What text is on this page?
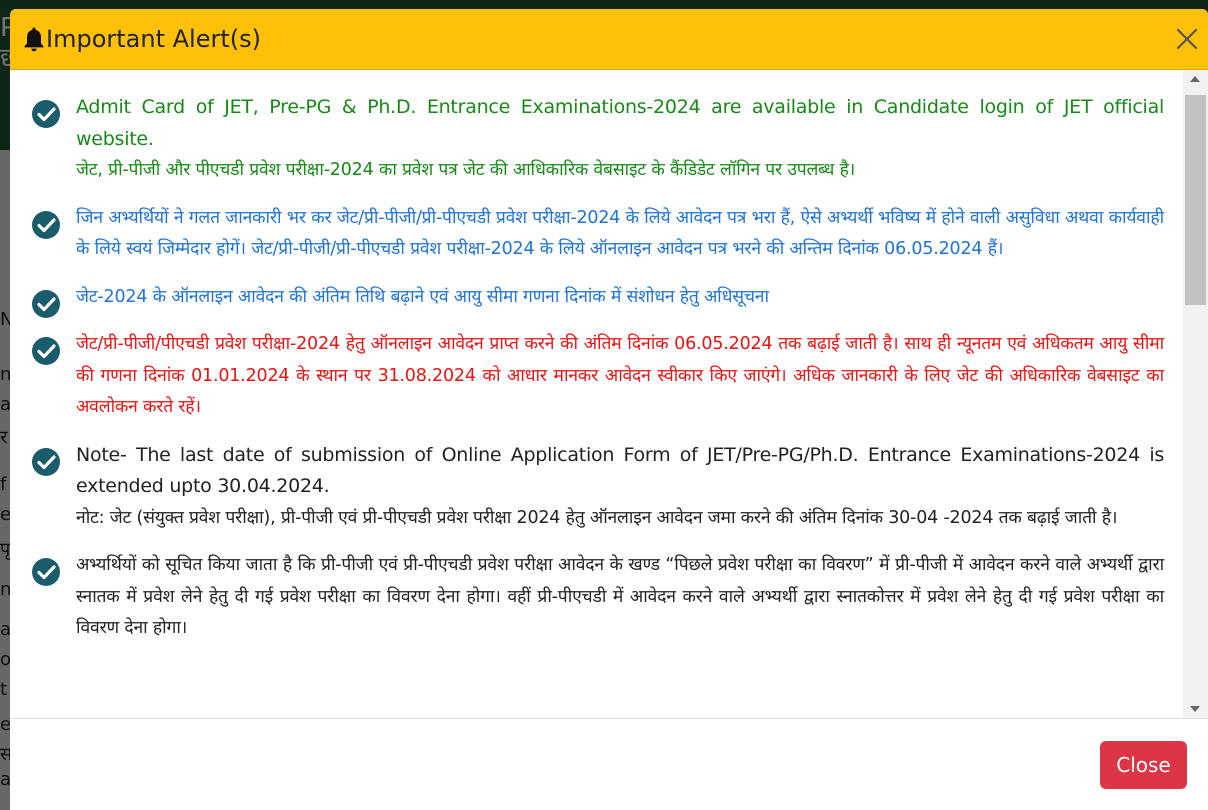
Important Alert(s)
Admit Card of JET, Pre-PG & Ph.D. Entrance Examinations-2024 are available in Candidate login of JET official website.
जेट, प्री-पीजी और पीएचडी प्रवेश परीक्षा-2024 का प्रवेश पत्र जेट की आधिकारिक वेबसाइट के कैंडिडेट लॉगिन पर उपलब्ध है।
जिन अभ्यर्थियों ने गलत जानकारी भर कर जेट/प्री-पीजी/प्री-पीएचडी प्रवेश परीक्षा-2024 के लिये आवेदन पत्र भरा हैं, ऐसे अभ्यर्थी भविष्य में होने वाली असुविधा अथवा कार्यवाही के लिये स्वयं जिम्मेदार होगें। जेट/प्री-पीजी/प्री-पीएचडी प्रवेश परीक्षा-2024 के लिये ऑनलाइन आवेदन पत्र भरने की अन्तिम दिनांक 06.05.2024 हैं।
जेट-2024 के ऑनलाइन आवेदन की अंतिम तिथि बढ़ाने एवं आयु सीमा गणना दिनांक में संशोधन हेतु अधिसूचना
जेट/प्री-पीजी/पीएचडी प्रवेश परीक्षा-2024 हेतु ऑनलाइन आवेदन प्राप्त करने की अंतिम दिनांक 06.05.2024 तक बढ़ाई जाती है। साथ ही न्यूनतम एवं अधिकतम आयु सीमा की गणना दिनांक 01.01.2024 के स्थान पर 31.08.2024 को आधार मानकर आवेदन स्वीकार किए जाएंगे। अधिक जानकारी के लिए जेट की अधिकारिक वेबसाइट का अवलोकन करते रहें।
Note- The last date of submission of Online Application Form of JET/Pre-PG/Ph.D. Entrance Examinations-2024 is extended upto 30.04.2024.
नोट: जेट (संयुक्त प्रवेश परीक्षा), प्री-पीजी एवं प्री-पीएचडी प्रवेश परीक्षा 2024 हेतु ऑनलाइन आवेदन जमा करने की अंतिम दिनांक 30-04 -2024 तक बढ़ाई जाती है।
अभ्यर्थियों को सूचित किया जाता है कि प्री-पीजी एवं प्री-पीएचडी प्रवेश परीक्षा आवेदन के खण्ड “पिछले प्रवेश परीक्षा का विवरण” में प्री-पीजी में आवेदन करने वाले अभ्यर्थी द्वारा स्नातक में प्रवेश लेने हेतु दी गई प्रवेश परीक्षा का विवरण देना होगा। वहीं प्री-पीएचडी में आवेदन करने वाले अभ्यर्थी द्वारा स्नातकोत्तर में प्रवेश लेने हेतु दी गई प्रवेश परीक्षा का विवरण देना होगा।
Close
